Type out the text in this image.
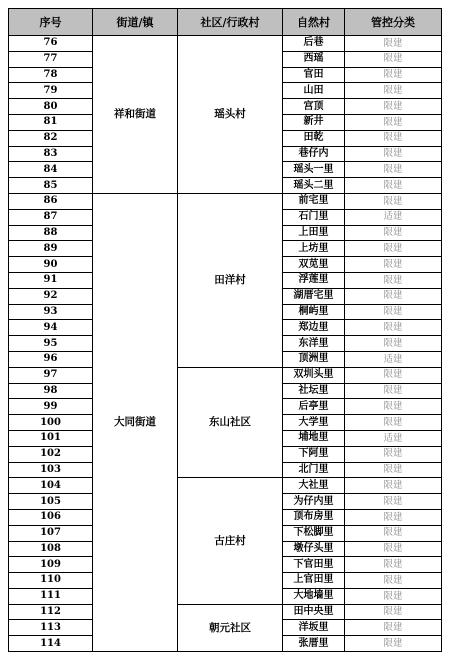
序号	街道/镇	社区/行政村	自然村	管控分类
76	祥和街道	瑶头村	后巷	限建
77			西瑶	限建
78			官田	限建
79			山田	限建
80			宫顶	限建
81			新井	限建
82			田乾	限建
83			巷仔内	限建
84			瑶头一里	限建
85			瑶头二里	限建
86	大同街道	田洋村	前宅里	限建
87			石门里	适建
88			上田里	限建
89			上坊里	限建
90			双苋里	限建
91			浮莲里	限建
92			湖厝宅里	限建
93			桐屿里	限建
94			郑边里	限建
95			东洋里	限建
96			顶洲里	适建
97		东山社区	双圳头里	限建
98			社坛里	限建
99			后亭里	限建
100			大学里	限建
101			埔地里	适建
102			下阿里	限建
103			北门里	限建
104		古庄村	大社里	限建
105			为仔内里	限建
106			顶布房里	限建
107			下松脚里	限建
108			墩仔头里	限建
109			下官田里	限建
110			上官田里	限建
111			大地墙里	限建
112		朝元社区	田中央里	限建
113			洋坂里	限建
114			张厝里	限建
